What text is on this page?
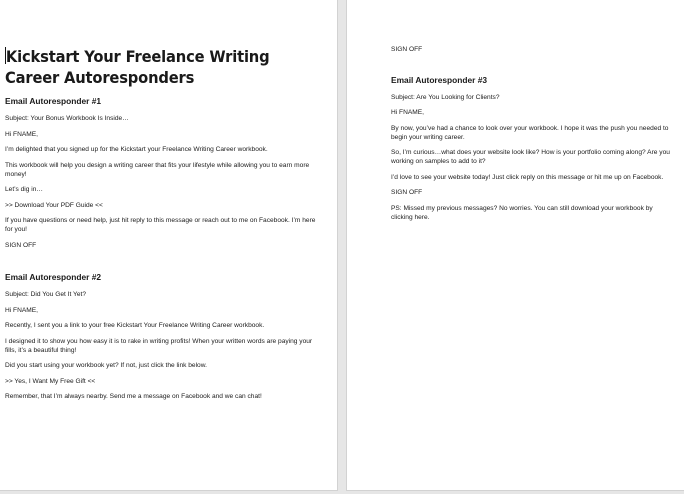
Kickstart Your Freelance Writing Career Autoresponders
Email Autoresponder #1

Subject: Your Bonus Workbook Is Inside…

Hi FNAME,

I’m delighted that you signed up for the Kickstart your Freelance Writing Career workbook.

This workbook will help you design a writing career that fits your lifestyle while allowing you to earn more money!

Let’s dig in…

>> Download Your PDF Guide <<

If you have questions or need help, just hit reply to this message or reach out to me on Facebook. I’m here for you!

SIGN OFF

Email Autoresponder #2

Subject: Did You Get It Yet?

Hi FNAME,

Recently, I sent you a link to your free Kickstart Your Freelance Writing Career workbook.

I designed it to show you how easy it is to rake in writing profits! When your written words are paying your fills, it’s a beautiful thing!

Did you start using your workbook yet? If not, just click the link below.

>> Yes, I Want My Free Gift <<

Remember, that I’m always nearby. Send me a message on Facebook and we can chat!

SIGN OFF

Email Autoresponder #3

Subject: Are You Looking for Clients?

Hi FNAME,

By now, you’ve had a chance to look over your workbook. I hope it was the push you needed to begin your writing career.

So, I’m curious…what does your website look like? How is your portfolio coming along? Are you working on samples to add to it?

I’d love to see your website today! Just click reply on this message or hit me up on Facebook.

SIGN OFF

PS: Missed my previous messages? No worries. You can still download your workbook by clicking here.
